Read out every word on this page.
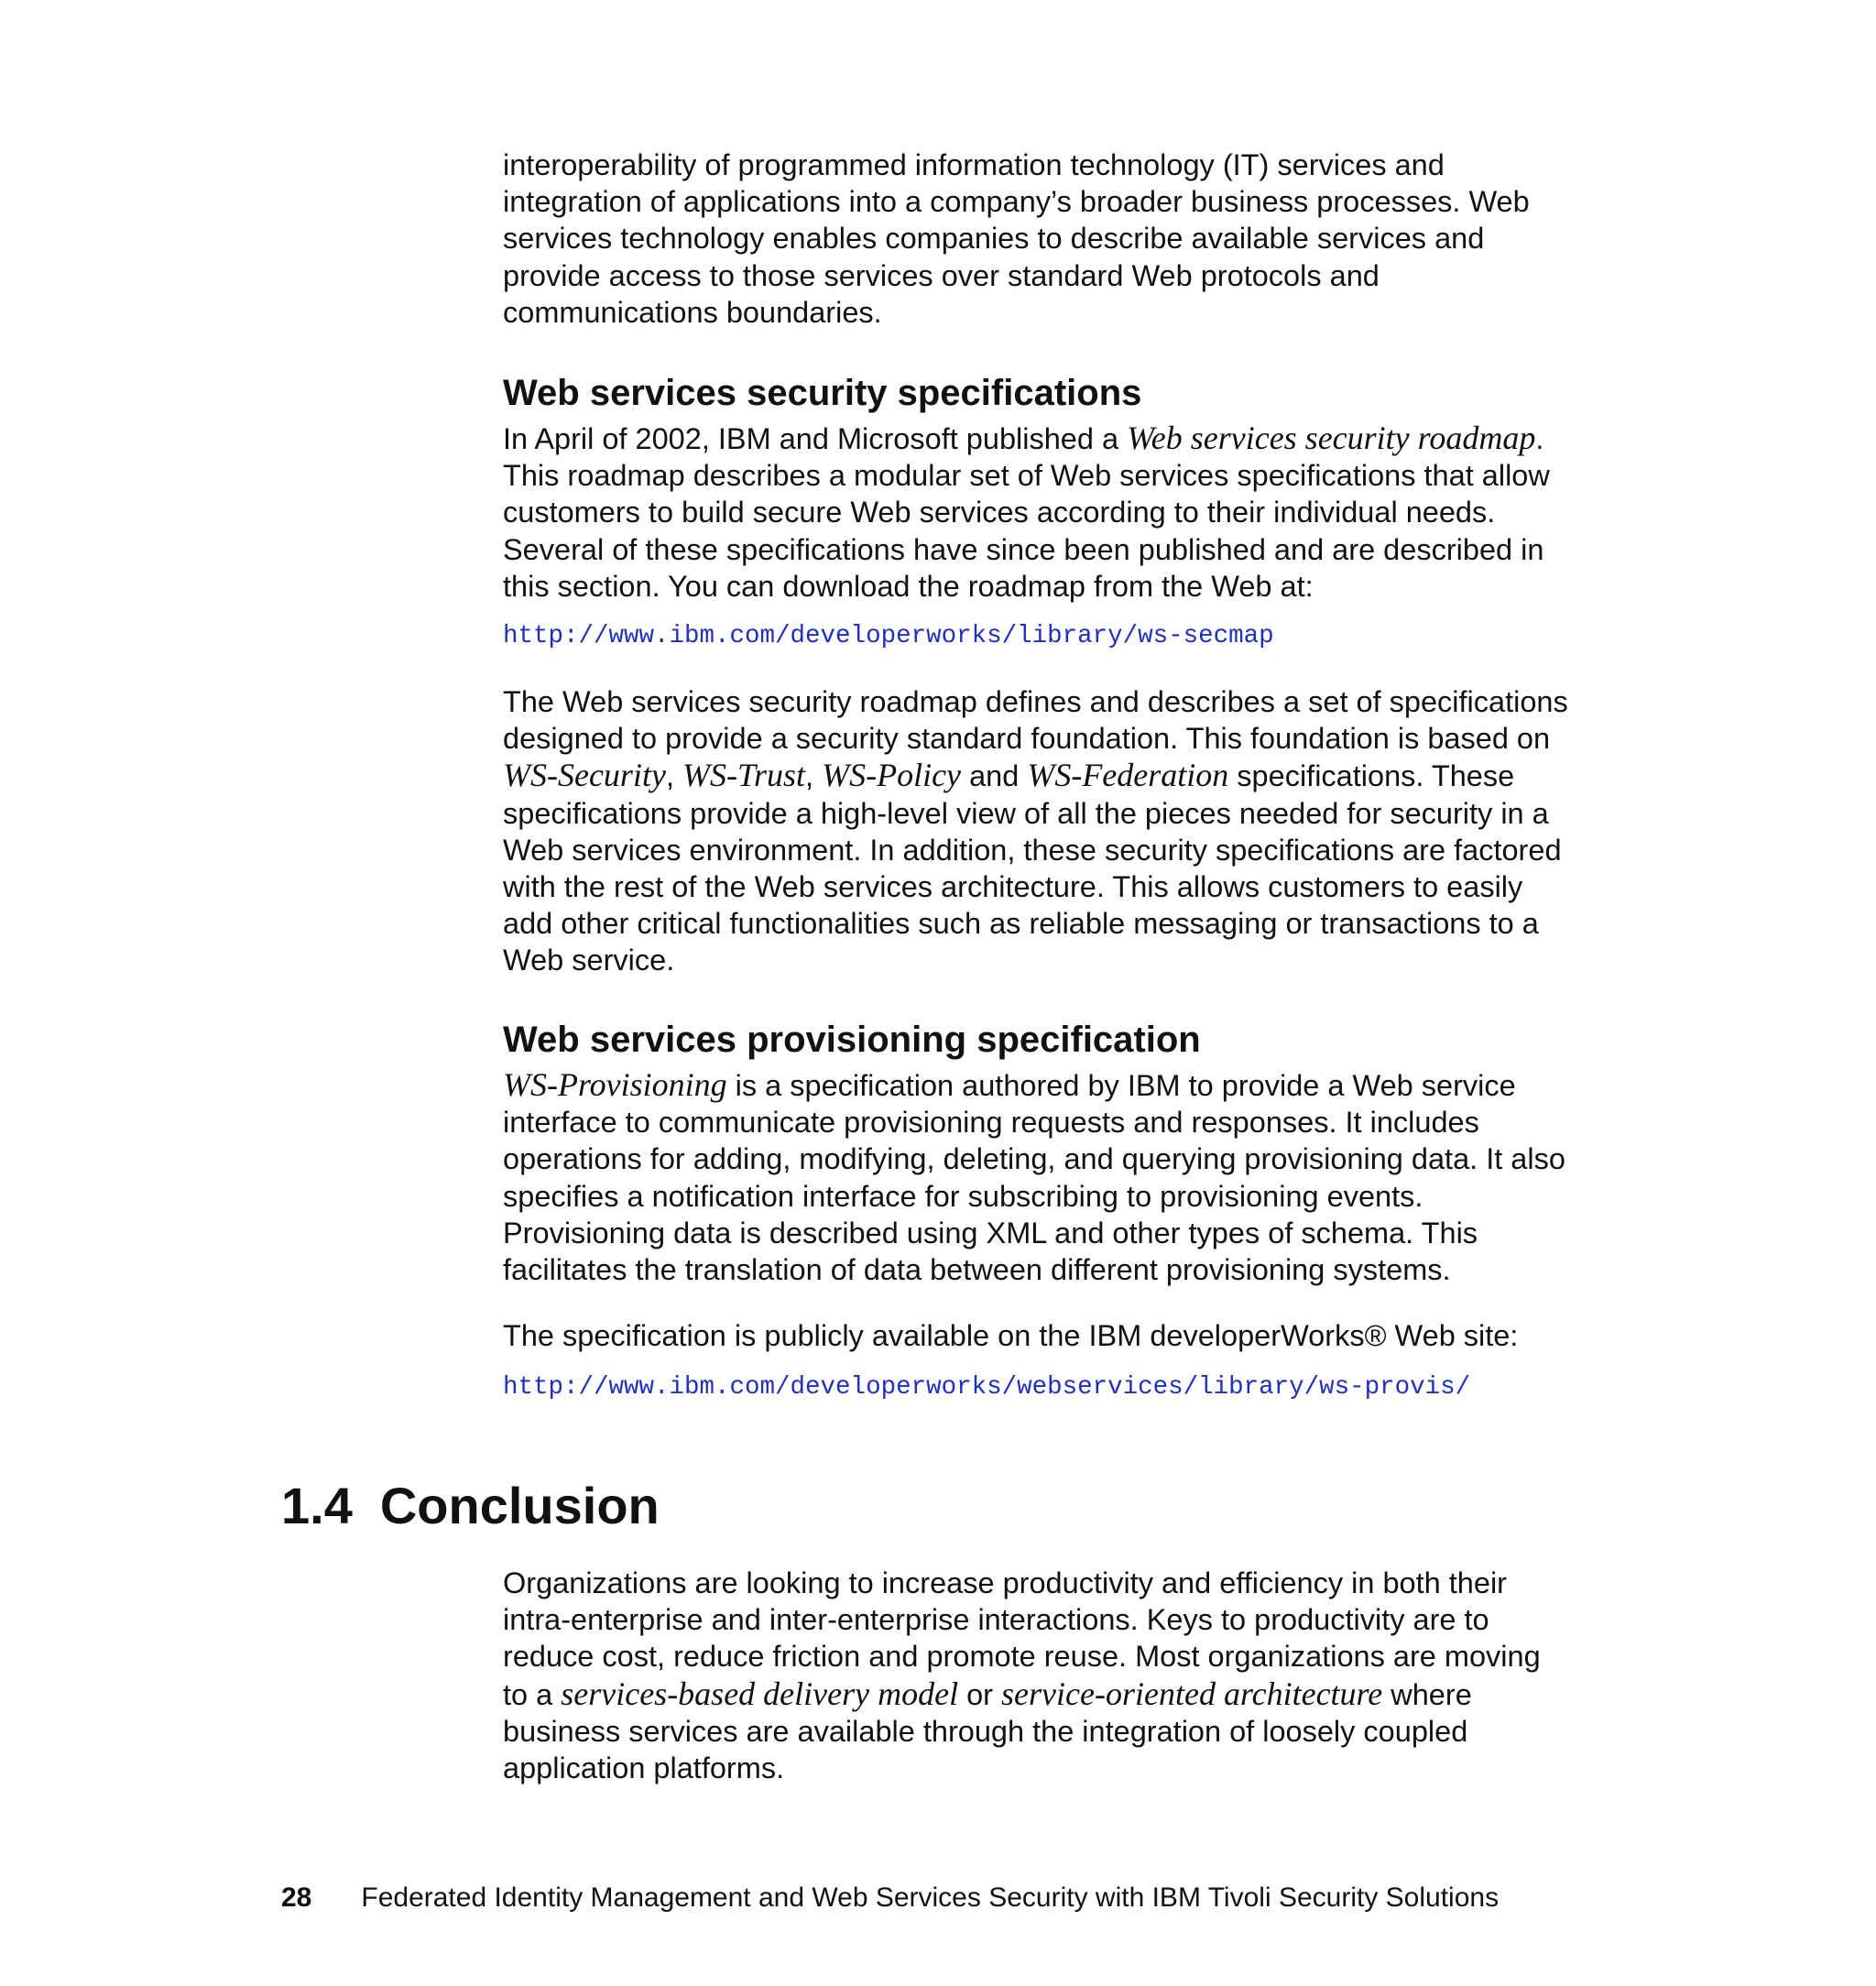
interoperability of programmed information technology (IT) services and
integration of applications into a company’s broader business processes. Web
services technology enables companies to describe available services and
provide access to those services over standard Web protocols and
communications boundaries.

Web services security specifications

In April of 2002, IBM and Microsoft published a Web services security roadmap.
This roadmap describes a modular set of Web services specifications that allow
customers to build secure Web services according to their individual needs.
Several of these specifications have since been published and are described in
this section. You can download the roadmap from the Web at:

http://www.ibm.com/developerworks/library/ws-secmap

The Web services security roadmap defines and describes a set of specifications
designed to provide a security standard foundation. This foundation is based on
WS-Security, WS-Trust, WS-Policy and WS-Federation specifications. These
specifications provide a high-level view of all the pieces needed for security in a
Web services environment. In addition, these security specifications are factored
with the rest of the Web services architecture. This allows customers to easily
add other critical functionalities such as reliable messaging or transactions to a
Web service.

Web services provisioning specification

WS-Provisioning is a specification authored by IBM to provide a Web service
interface to communicate provisioning requests and responses. It includes
operations for adding, modifying, deleting, and querying provisioning data. It also
specifies a notification interface for subscribing to provisioning events.
Provisioning data is described using XML and other types of schema. This
facilitates the translation of data between different provisioning systems.

The specification is publicly available on the IBM developerWorks® Web site:

http://www.ibm.com/developerworks/webservices/library/ws-provis/
1.4 Conclusion

Organizations are looking to increase productivity and efficiency in both their
intra-enterprise and inter-enterprise interactions. Keys to productivity are to
reduce cost, reduce friction and promote reuse. Most organizations are moving
to a services-based delivery model or service-oriented architecture where
business services are available through the integration of loosely coupled
application platforms.

28 Federated Identity Management and Web Services Security with IBM Tivoli Security Solutions
